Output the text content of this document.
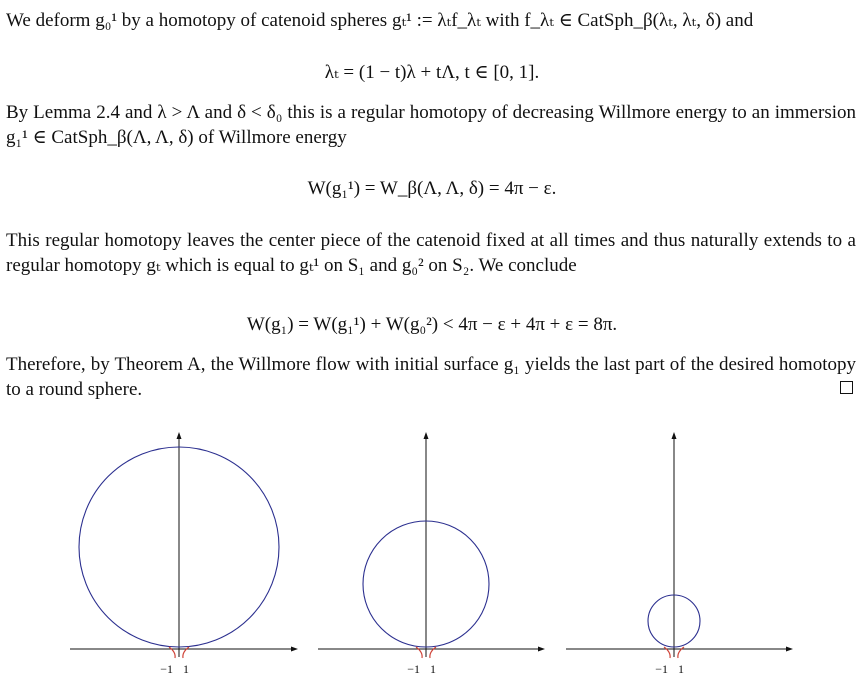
We deform g₀¹ by a homotopy of catenoid spheres gₜ¹ := λₜf_λₜ with f_λₜ ∈ CatSph_β(λₜ, λₜ, δ) and
λₜ = (1 − t)λ + tΛ, t ∈ [0, 1].
By Lemma 2.4 and λ > Λ and δ < δ₀ this is a regular homotopy of decreasing Willmore energy to an immersion g₁¹ ∈ CatSph_β(Λ, Λ, δ) of Willmore energy
W(g₁¹) = W_β(Λ, Λ, δ) = 4π − ε.
This regular homotopy leaves the center piece of the catenoid fixed at all times and thus naturally extends to a regular homotopy gₜ which is equal to gₜ¹ on S₁ and g₀² on S₂. We conclude
W(g₁) = W(g₁¹) + W(g₀²) < 4π − ε + 4π + ε = 8π.
Therefore, by Theorem A, the Willmore flow with initial surface g₁ yields the last part of the desired homotopy to a round sphere.
−1 1	−1 1	−1 1
